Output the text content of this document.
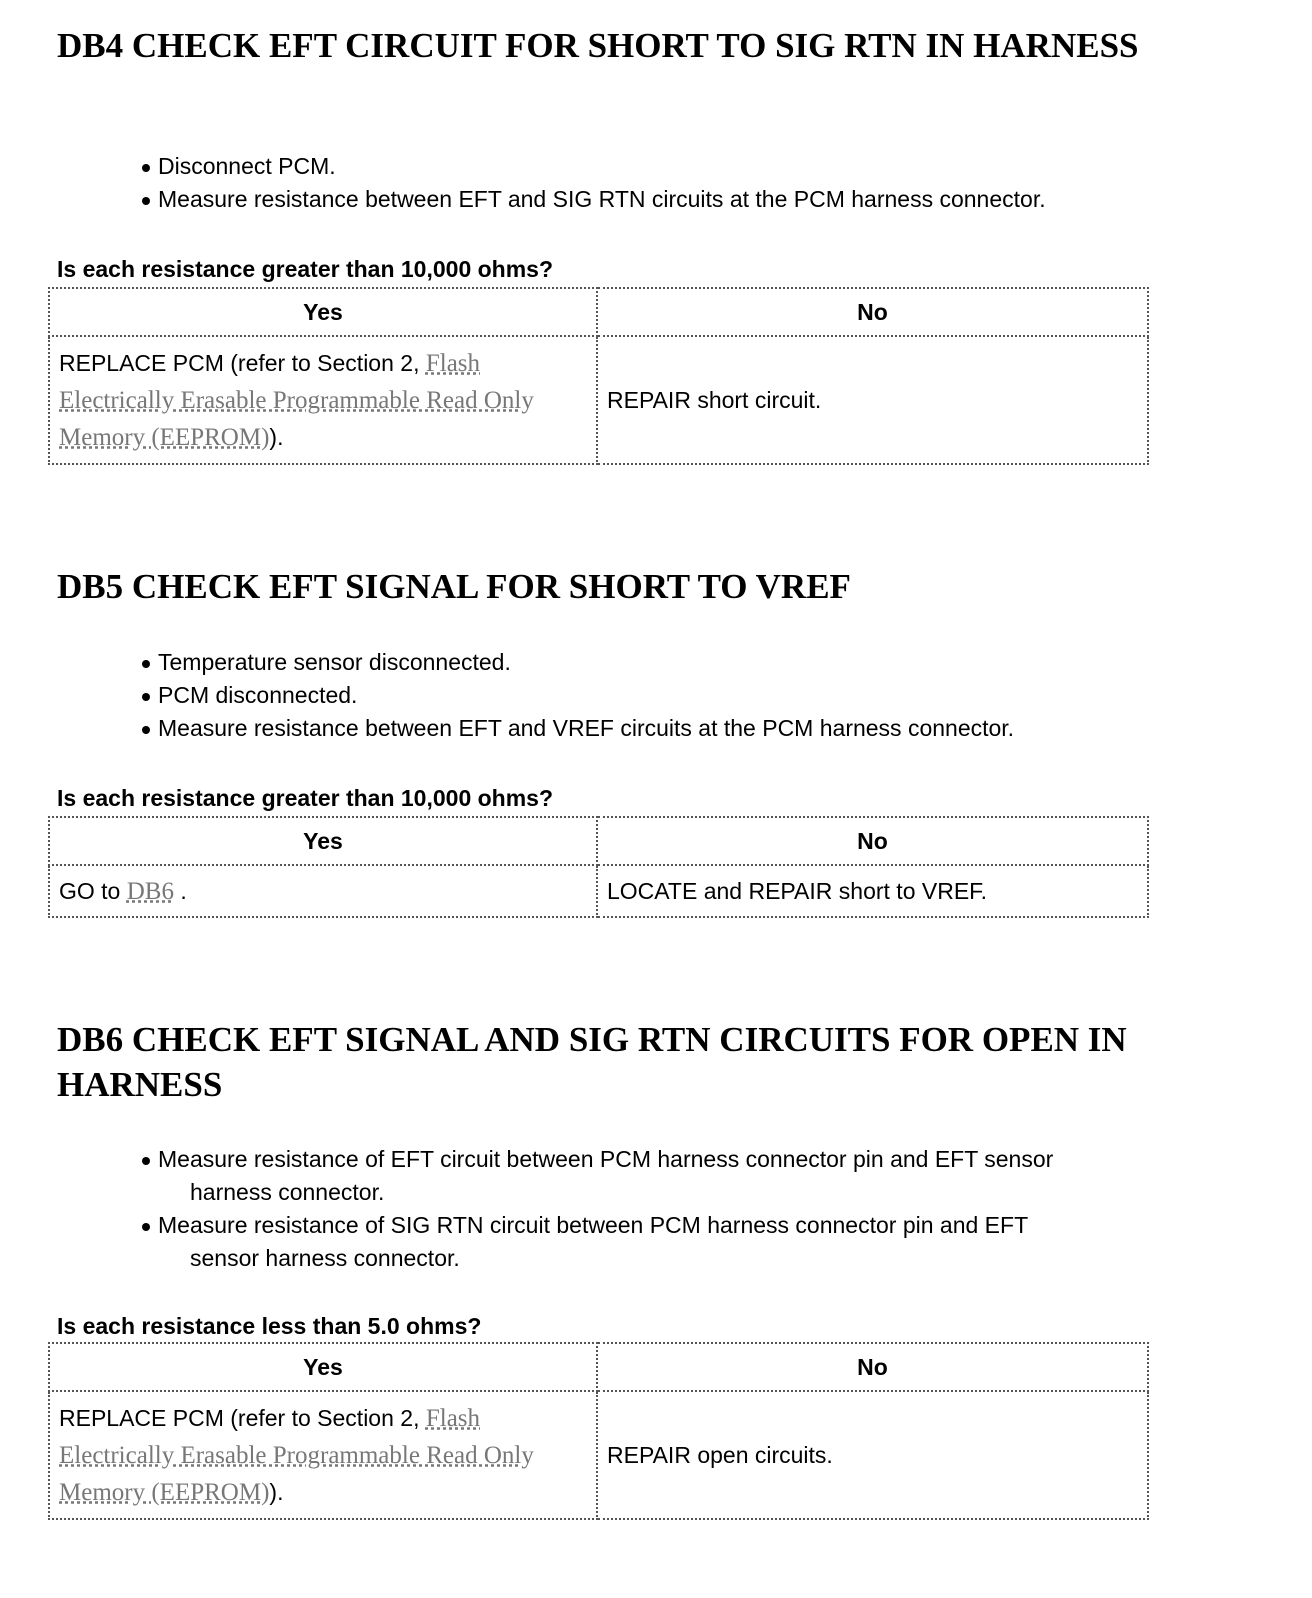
DB4 CHECK EFT CIRCUIT FOR SHORT TO SIG RTN IN HARNESS
Disconnect PCM.
Measure resistance between EFT and SIG RTN circuits at the PCM harness connector.
Is each resistance greater than 10,000 ohms?
Yes	No
REPLACE PCM (refer to Section 2, Flash Electrically Erasable Programmable Read Only Memory (EEPROM)).	REPAIR short circuit.
DB5 CHECK EFT SIGNAL FOR SHORT TO VREF
Temperature sensor disconnected.
PCM disconnected.
Measure resistance between EFT and VREF circuits at the PCM harness connector.
Is each resistance greater than 10,000 ohms?
Yes	No
GO to DB6 .	LOCATE and REPAIR short to VREF.
DB6 CHECK EFT SIGNAL AND SIG RTN CIRCUITS FOR OPEN IN HARNESS
Measure resistance of EFT circuit between PCM harness connector pin and EFT sensor
harness connector.
Measure resistance of SIG RTN circuit between PCM harness connector pin and EFT
sensor harness connector.
Is each resistance less than 5.0 ohms?
Yes	No
REPLACE PCM (refer to Section 2, Flash Electrically Erasable Programmable Read Only Memory (EEPROM)).	REPAIR open circuits.
